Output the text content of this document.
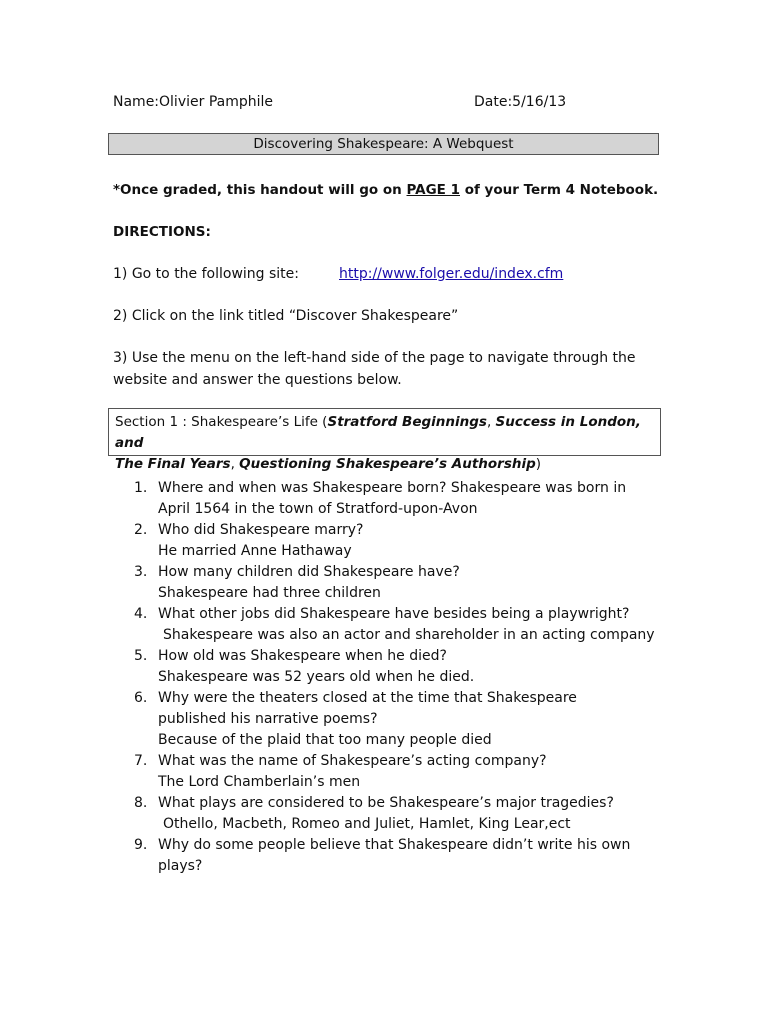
Name:Olivier Pamphile	Date:5/16/13
Discovering Shakespeare: A Webquest
*Once graded, this handout will go on PAGE 1 of your Term 4 Notebook.
DIRECTIONS:
1) Go to the following site:	http://www.folger.edu/index.cfm
2) Click on the link titled “Discover Shakespeare”
3) Use the menu on the left-hand side of the page to navigate through the
website and answer the questions below.
Section 1 : Shakespeare’s Life (Stratford Beginnings, Success in London, and
The Final Years, Questioning Shakespeare’s Authorship)
1. Where and when was Shakespeare born? Shakespeare was born in
April 1564 in the town of Stratford-upon-Avon
2. Who did Shakespeare marry?
He married Anne Hathaway
3. How many children did Shakespeare have?
Shakespeare had three children
4. What other jobs did Shakespeare have besides being a playwright?
Shakespeare was also an actor and shareholder in an acting company
5. How old was Shakespeare when he died?
Shakespeare was 52 years old when he died.
6. Why were the theaters closed at the time that Shakespeare
published his narrative poems?
Because of the plaid that too many people died
7. What was the name of Shakespeare’s acting company?
The Lord Chamberlain’s men
8. What plays are considered to be Shakespeare’s major tragedies?
Othello, Macbeth, Romeo and Juliet, Hamlet, King Lear,ect
9. Why do some people believe that Shakespeare didn’t write his own
plays?
